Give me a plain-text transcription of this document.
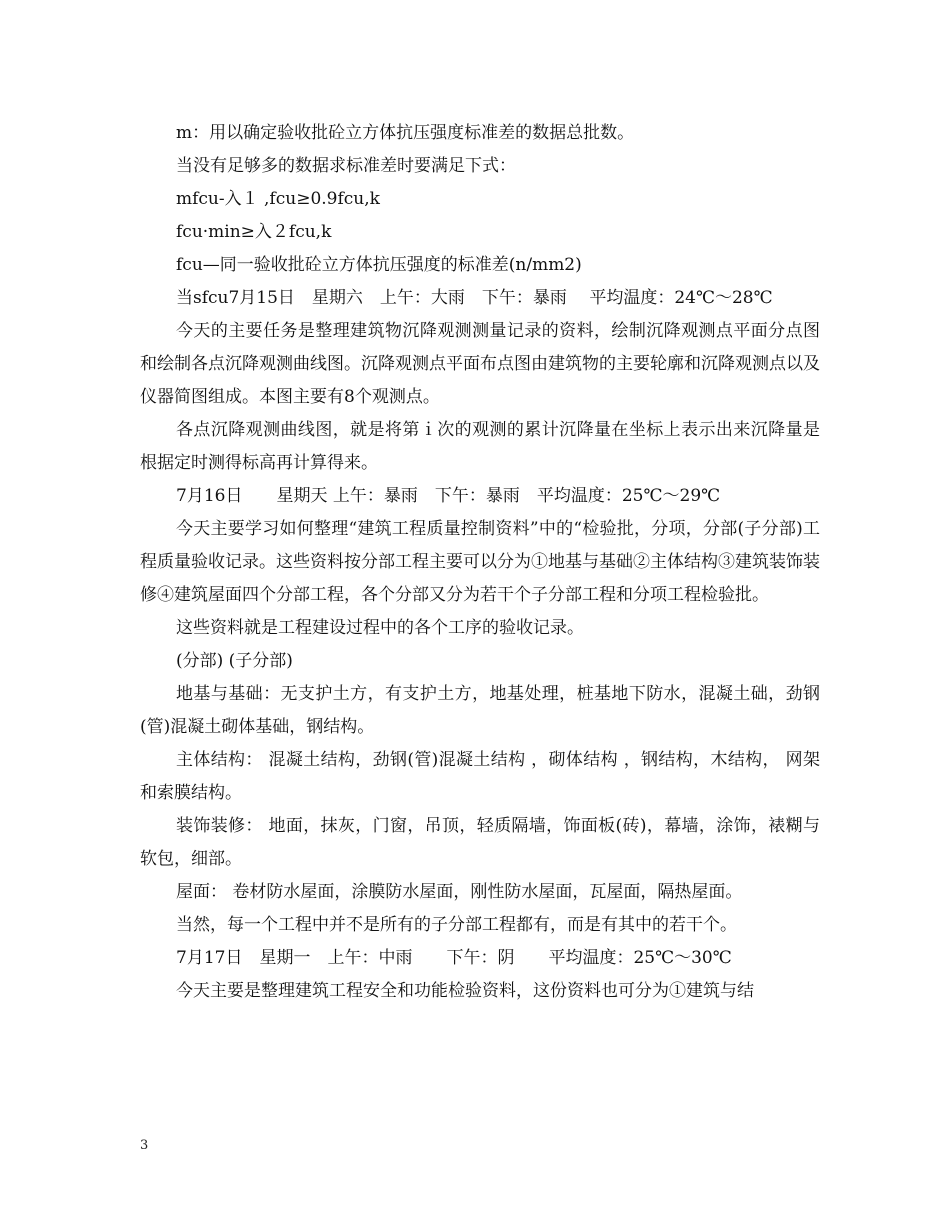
m：用以确定验收批砼立方体抗压强度标准差的数据总批数。

当没有足够多的数据求标准差时要满足下式：

mfcu-入１ ,fcu≥0.9fcu,k

fcu·min≥入２fcu,k

fcu—同一验收批砼立方体抗压强度的标准差(n/mm2)

当sfcu7月15日　星期六　上午：大雨　下午：暴雨　 平均温度：24℃～28℃

今天的主要任务是整理建筑物沉降观测测量记录的资料，绘制沉降观测点平面分点图和绘制各点沉降观测曲线图。沉降观测点平面布点图由建筑物的主要轮廓和沉降观测点以及仪器简图组成。本图主要有8个观测点。

各点沉降观测曲线图，就是将第ｉ次的观测的累计沉降量在坐标上表示出来沉降量是根据定时测得标高再计算得来。

7月16日　　星期天 上午：暴雨　下午：暴雨　平均温度：25℃～29℃

今天主要学习如何整理“建筑工程质量控制资料”中的“检验批，分项，分部(子分部)工程质量验收记录。这些资料按分部工程主要可以分为①地基与基础②主体结构③建筑装饰装修④建筑屋面四个分部工程，各个分部又分为若干个子分部工程和分项工程检验批。

这些资料就是工程建设过程中的各个工序的验收记录。

(分部) (子分部)

地基与基础：无支护土方，有支护土方，地基处理，桩基地下防水，混凝土础，劲钢(管)混凝土砌体基础，钢结构。

主体结构： 混凝土结构，劲钢(管)混凝土结构 ，砌体结构 ，钢结构，木结构， 网架和索膜结构。

装饰装修： 地面，抹灰，门窗，吊顶，轻质隔墙，饰面板(砖)，幕墙，涂饰，裱糊与软包，细部。

屋面： 卷材防水屋面，涂膜防水屋面，刚性防水屋面，瓦屋面，隔热屋面。

当然，每一个工程中并不是所有的子分部工程都有，而是有其中的若干个。

7月17日　星期一　上午：中雨　　下午：阴　　平均温度：25℃～30℃

今天主要是整理建筑工程安全和功能检验资料，这份资料也可分为①建筑与结

3
